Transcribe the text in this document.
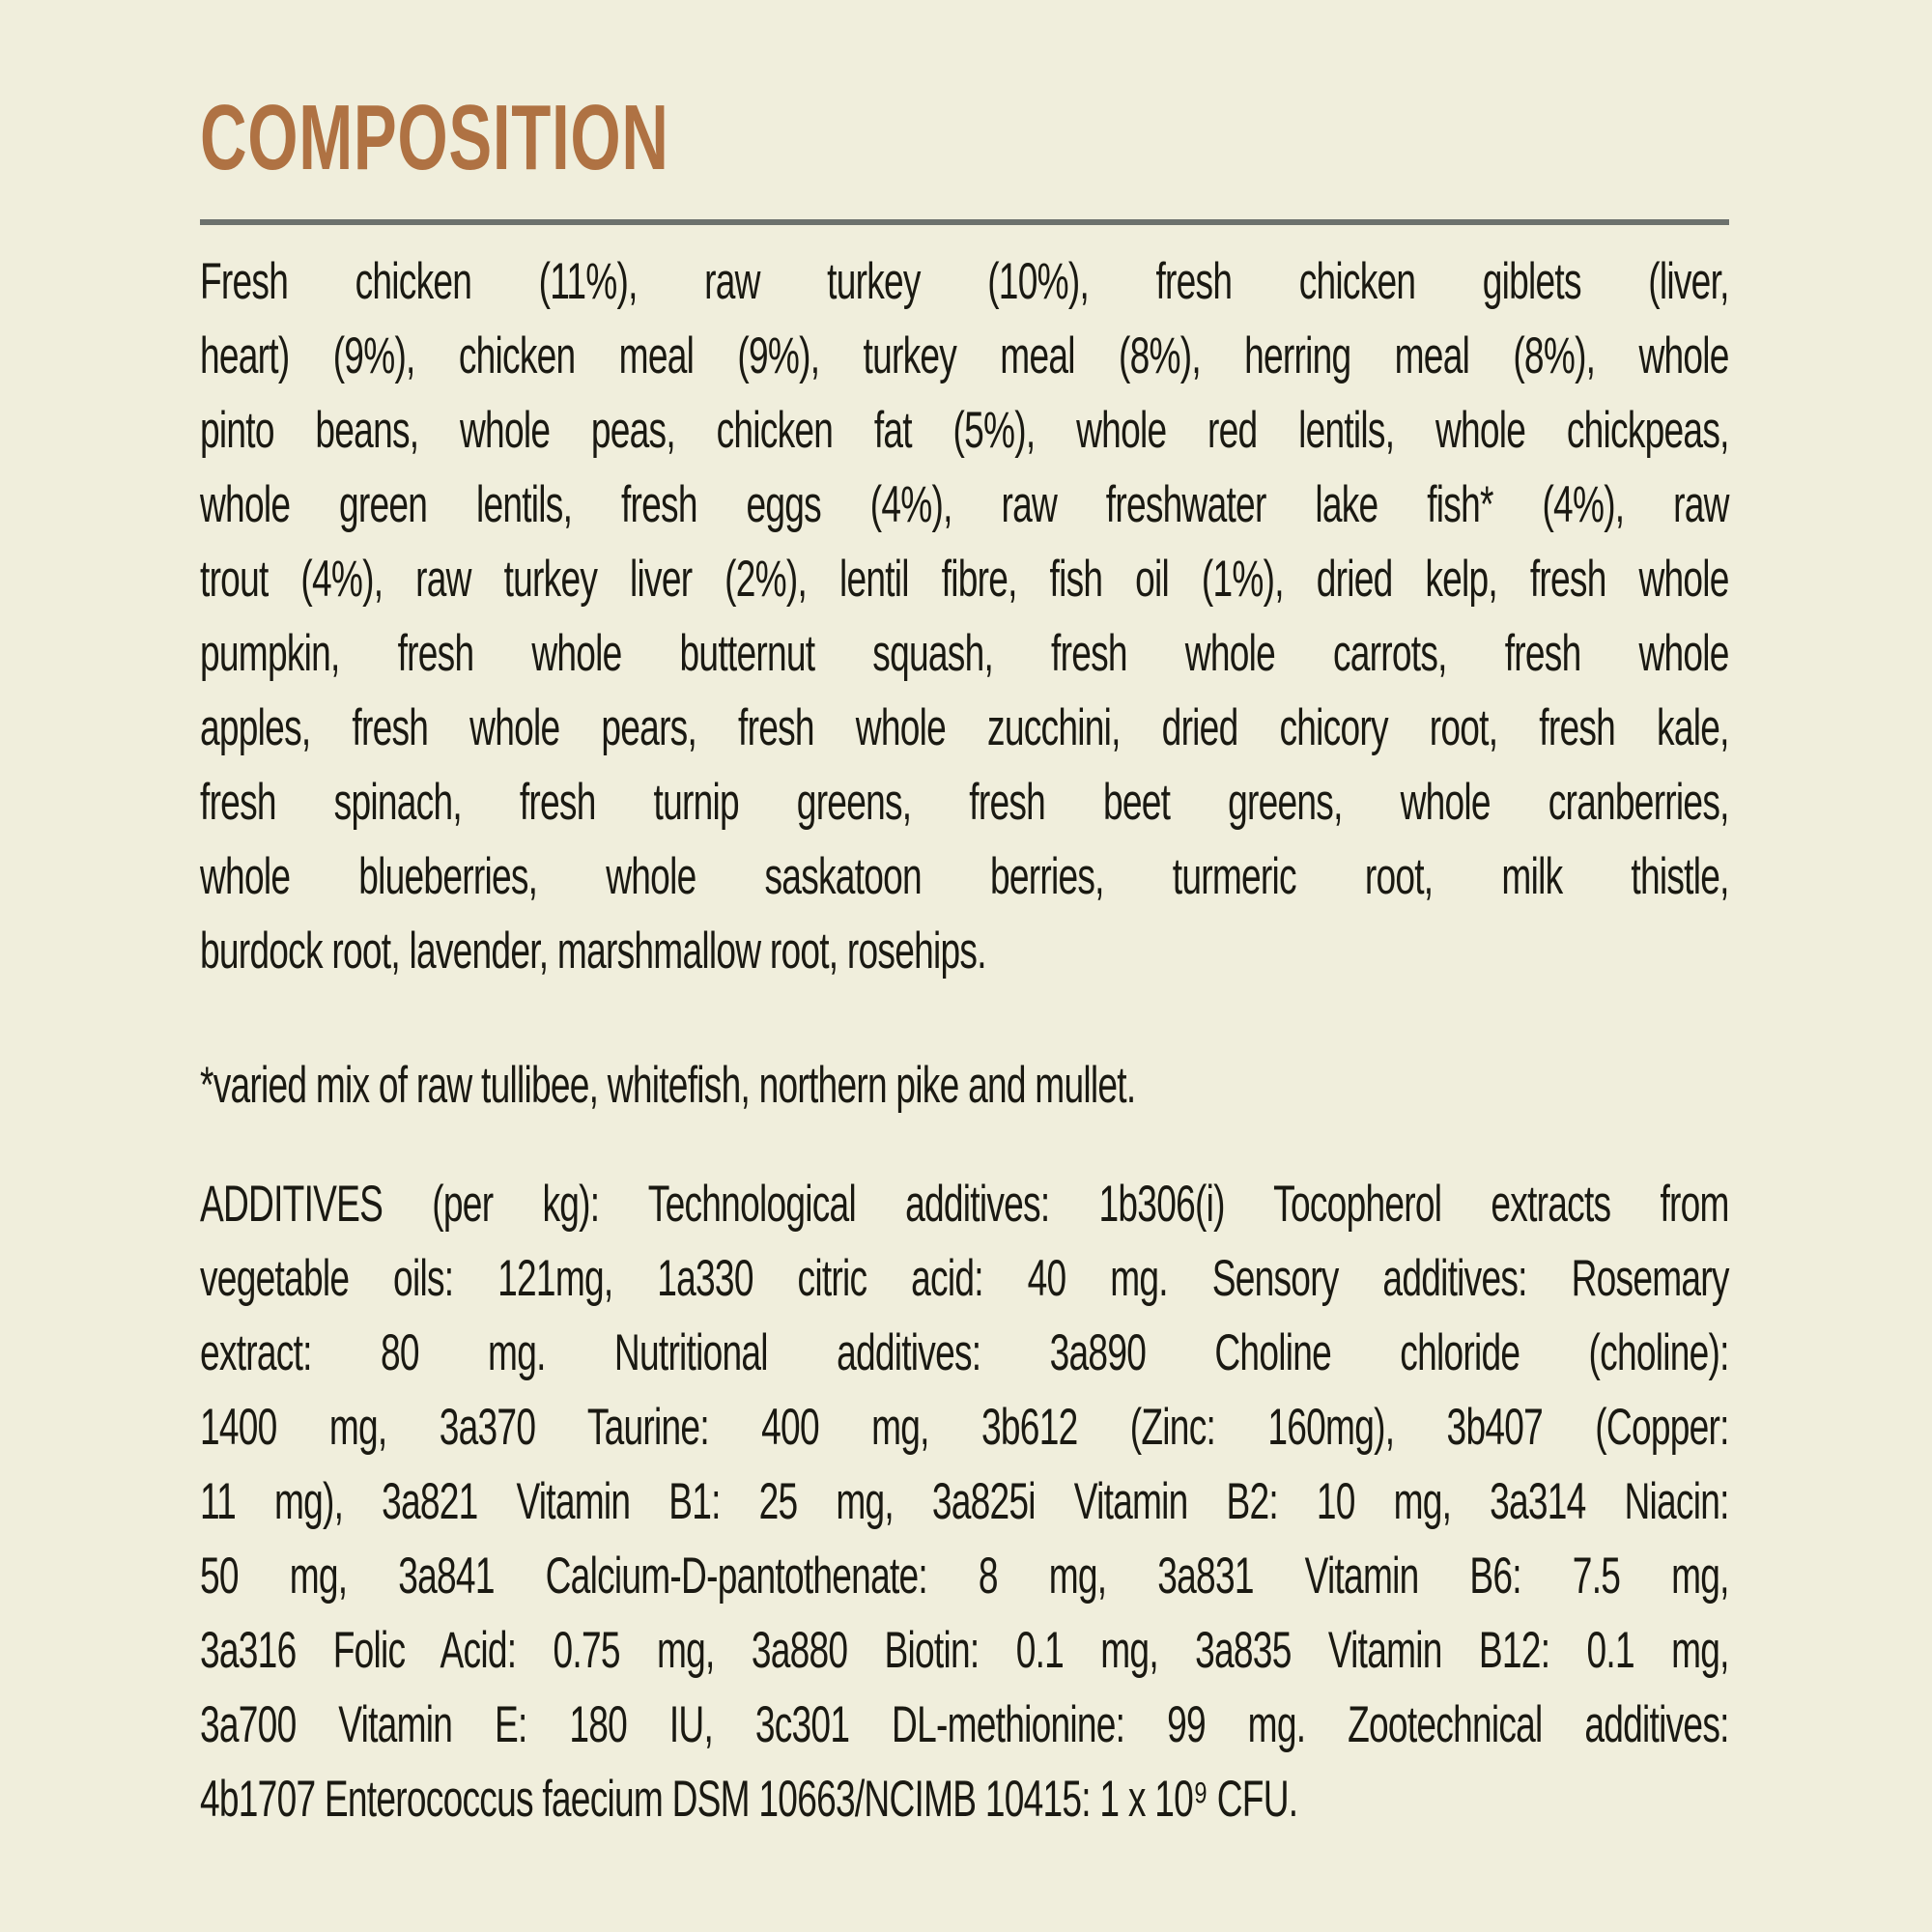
COMPOSITION
Fresh chicken (11%), raw turkey (10%), fresh chicken giblets (liver,
heart) (9%), chicken meal (9%), turkey meal (8%), herring meal (8%), whole
pinto beans, whole peas, chicken fat (5%), whole red lentils, whole chickpeas,
whole green lentils, fresh eggs (4%), raw freshwater lake fish* (4%), raw
trout (4%), raw turkey liver (2%), lentil fibre, fish oil (1%), dried kelp, fresh whole
pumpkin, fresh whole butternut squash, fresh whole carrots, fresh whole
apples, fresh whole pears, fresh whole zucchini, dried chicory root, fresh kale,
fresh spinach, fresh turnip greens, fresh beet greens, whole cranberries,
whole blueberries, whole saskatoon berries, turmeric root, milk thistle,
burdock root, lavender, marshmallow root, rosehips.
*varied mix of raw tullibee, whitefish, northern pike and mullet.
ADDITIVES (per kg): Technological additives: 1b306(i) Tocopherol extracts from
vegetable oils: 121mg, 1a330 citric acid: 40 mg. Sensory additives: Rosemary
extract: 80 mg. Nutritional additives: 3a890 Choline chloride (choline):
1400 mg, 3a370 Taurine: 400 mg, 3b612 (Zinc: 160mg), 3b407 (Copper:
11 mg), 3a821 Vitamin B1: 25 mg, 3a825i Vitamin B2: 10 mg, 3a314 Niacin:
50 mg, 3a841 Calcium-D-pantothenate: 8 mg, 3a831 Vitamin B6: 7.5 mg,
3a316 Folic Acid: 0.75 mg, 3a880 Biotin: 0.1 mg, 3a835 Vitamin B12: 0.1 mg,
3a700 Vitamin E: 180 IU, 3c301 DL-methionine: 99 mg. Zootechnical additives:
4b1707 Enterococcus faecium DSM 10663/NCIMB 10415: 1 x 10⁹ CFU.
